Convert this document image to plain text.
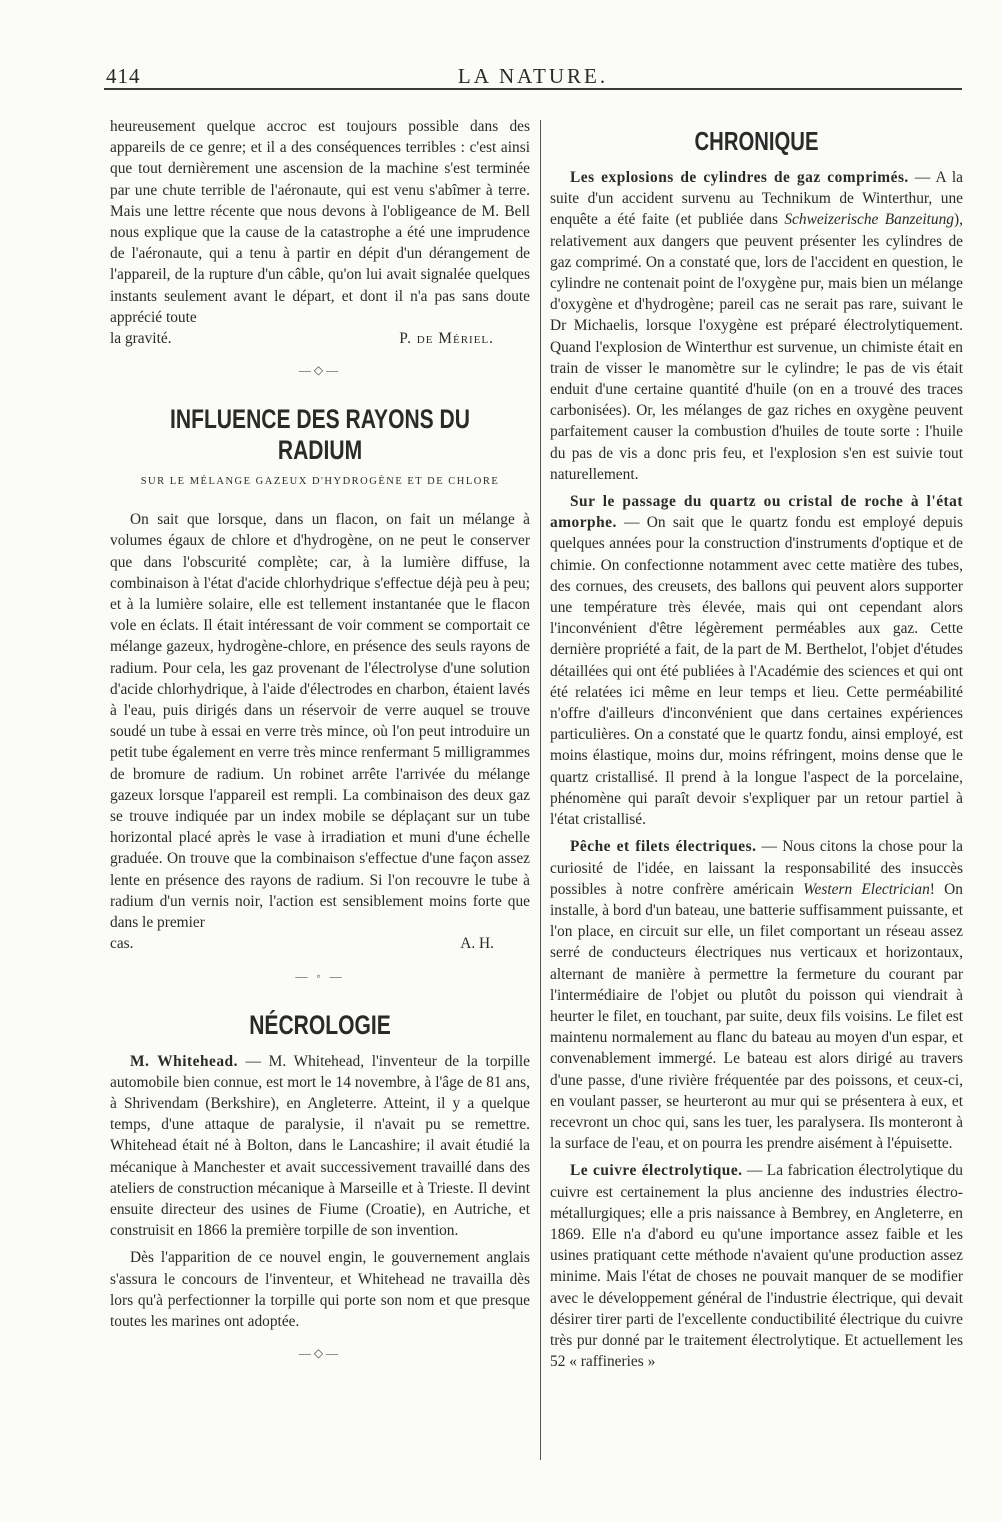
414	LA NATURE.

heureusement quelque accroc est toujours possible dans des appareils de ce genre; et il a des conséquences terribles : c'est ainsi que tout dernièrement une ascension de la machine s'est terminée par une chute terrible de l'aéronaute, qui est venu s'abîmer à terre. Mais une lettre récente que nous devons à l'obligeance de M. Bell nous explique que la cause de la catastrophe a été une imprudence de l'aéronaute, qui a tenu à partir en dépit d'un dérangement de l'appareil, de la rupture d'un câble, qu'on lui avait signalée quelques instants seulement avant le départ, et dont il n'a pas sans doute apprécié toute

la gravité.	P. de Mériel.

—◇—
INFLUENCE DES RAYONS DU RADIUM
SUR LE MÉLANGE GAZEUX D'HYDROGÈNE ET DE CHLORE

On sait que lorsque, dans un flacon, on fait un mélange à volumes égaux de chlore et d'hydrogène, on ne peut le conserver que dans l'obscurité complète; car, à la lumière diffuse, la combinaison à l'état d'acide chlorhydrique s'effectue déjà peu à peu; et à la lumière solaire, elle est tellement instantanée que le flacon vole en éclats. Il était intéressant de voir comment se comportait ce mélange gazeux, hydrogène-chlore, en présence des seuls rayons de radium. Pour cela, les gaz provenant de l'électrolyse d'une solution d'acide chlorhydrique, à l'aide d'électrodes en charbon, étaient lavés à l'eau, puis dirigés dans un réservoir de verre auquel se trouve soudé un tube à essai en verre très mince, où l'on peut introduire un petit tube également en verre très mince renfermant 5 milligrammes de bromure de radium. Un robinet arrête l'arrivée du mélange gazeux lorsque l'appareil est rempli. La combinaison des deux gaz se trouve indiquée par un index mobile se déplaçant sur un tube horizontal placé après le vase à irradiation et muni d'une échelle graduée. On trouve que la combinaison s'effectue d'une façon assez lente en présence des rayons de radium. Si l'on recouvre le tube à radium d'un vernis noir, l'action est sensiblement moins forte que dans le premier

cas.	A. H.

— ◦ —
NÉCROLOGIE

M. Whitehead. — M. Whitehead, l'inventeur de la torpille automobile bien connue, est mort le 14 novembre, à l'âge de 81 ans, à Shrivendam (Berkshire), en Angleterre. Atteint, il y a quelque temps, d'une attaque de paralysie, il n'avait pu se remettre. Whitehead était né à Bolton, dans le Lancashire; il avait étudié la mécanique à Manchester et avait successivement travaillé dans des ateliers de construction mécanique à Marseille et à Trieste. Il devint ensuite directeur des usines de Fiume (Croatie), en Autriche, et construisit en 1866 la première torpille de son invention.

Dès l'apparition de ce nouvel engin, le gouvernement anglais s'assura le concours de l'inventeur, et Whitehead ne travailla dès lors qu'à perfectionner la torpille qui porte son nom et que presque toutes les marines ont adoptée.

—◇—
CHRONIQUE

Les explosions de cylindres de gaz comprimés. — A la suite d'un accident survenu au Technikum de Winterthur, une enquête a été faite (et publiée dans Schweizerische Banzeitung), relativement aux dangers que peuvent présenter les cylindres de gaz comprimé. On a constaté que, lors de l'accident en question, le cylindre ne contenait point de l'oxygène pur, mais bien un mélange d'oxygène et d'hydrogène; pareil cas ne serait pas rare, suivant le Dr Michaelis, lorsque l'oxygène est préparé électrolytiquement. Quand l'explosion de Winterthur est survenue, un chimiste était en train de visser le manomètre sur le cylindre; le pas de vis était enduit d'une certaine quantité d'huile (on en a trouvé des traces carbonisées). Or, les mélanges de gaz riches en oxygène peuvent parfaitement causer la combustion d'huiles de toute sorte : l'huile du pas de vis a donc pris feu, et l'explosion s'en est suivie tout naturellement.

Sur le passage du quartz ou cristal de roche à l'état amorphe. — On sait que le quartz fondu est employé depuis quelques années pour la construction d'instruments d'optique et de chimie. On confectionne notamment avec cette matière des tubes, des cornues, des creusets, des ballons qui peuvent alors supporter une température très élevée, mais qui ont cependant alors l'inconvénient d'être légèrement perméables aux gaz. Cette dernière propriété a fait, de la part de M. Berthelot, l'objet d'études détaillées qui ont été publiées à l'Académie des sciences et qui ont été relatées ici même en leur temps et lieu. Cette perméabilité n'offre d'ailleurs d'inconvénient que dans certaines expériences particulières. On a constaté que le quartz fondu, ainsi employé, est moins élastique, moins dur, moins réfringent, moins dense que le quartz cristallisé. Il prend à la longue l'aspect de la porcelaine, phénomène qui paraît devoir s'expliquer par un retour partiel à l'état cristallisé.

Pêche et filets électriques. — Nous citons la chose pour la curiosité de l'idée, en laissant la responsabilité des insuccès possibles à notre confrère américain Western Electrician! On installe, à bord d'un bateau, une batterie suffisamment puissante, et l'on place, en circuit sur elle, un filet comportant un réseau assez serré de conducteurs électriques nus verticaux et horizontaux, alternant de manière à permettre la fermeture du courant par l'intermédiaire de l'objet ou plutôt du poisson qui viendrait à heurter le filet, en touchant, par suite, deux fils voisins. Le filet est maintenu normalement au flanc du bateau au moyen d'un espar, et convenablement immergé. Le bateau est alors dirigé au travers d'une passe, d'une rivière fréquentée par des poissons, et ceux-ci, en voulant passer, se heurteront au mur qui se présentera à eux, et recevront un choc qui, sans les tuer, les paralysera. Ils monteront à la surface de l'eau, et on pourra les prendre aisément à l'épuisette.

Le cuivre électrolytique. — La fabrication électrolytique du cuivre est certainement la plus ancienne des industries électro-métallurgiques; elle a pris naissance à Bembrey, en Angleterre, en 1869. Elle n'a d'abord eu qu'une importance assez faible et les usines pratiquant cette méthode n'avaient qu'une production assez minime. Mais l'état de choses ne pouvait manquer de se modifier avec le développement général de l'industrie électrique, qui devait désirer tirer parti de l'excellente conductibilité électrique du cuivre très pur donné par le traitement électrolytique. Et actuellement les 52 « raffineries »
